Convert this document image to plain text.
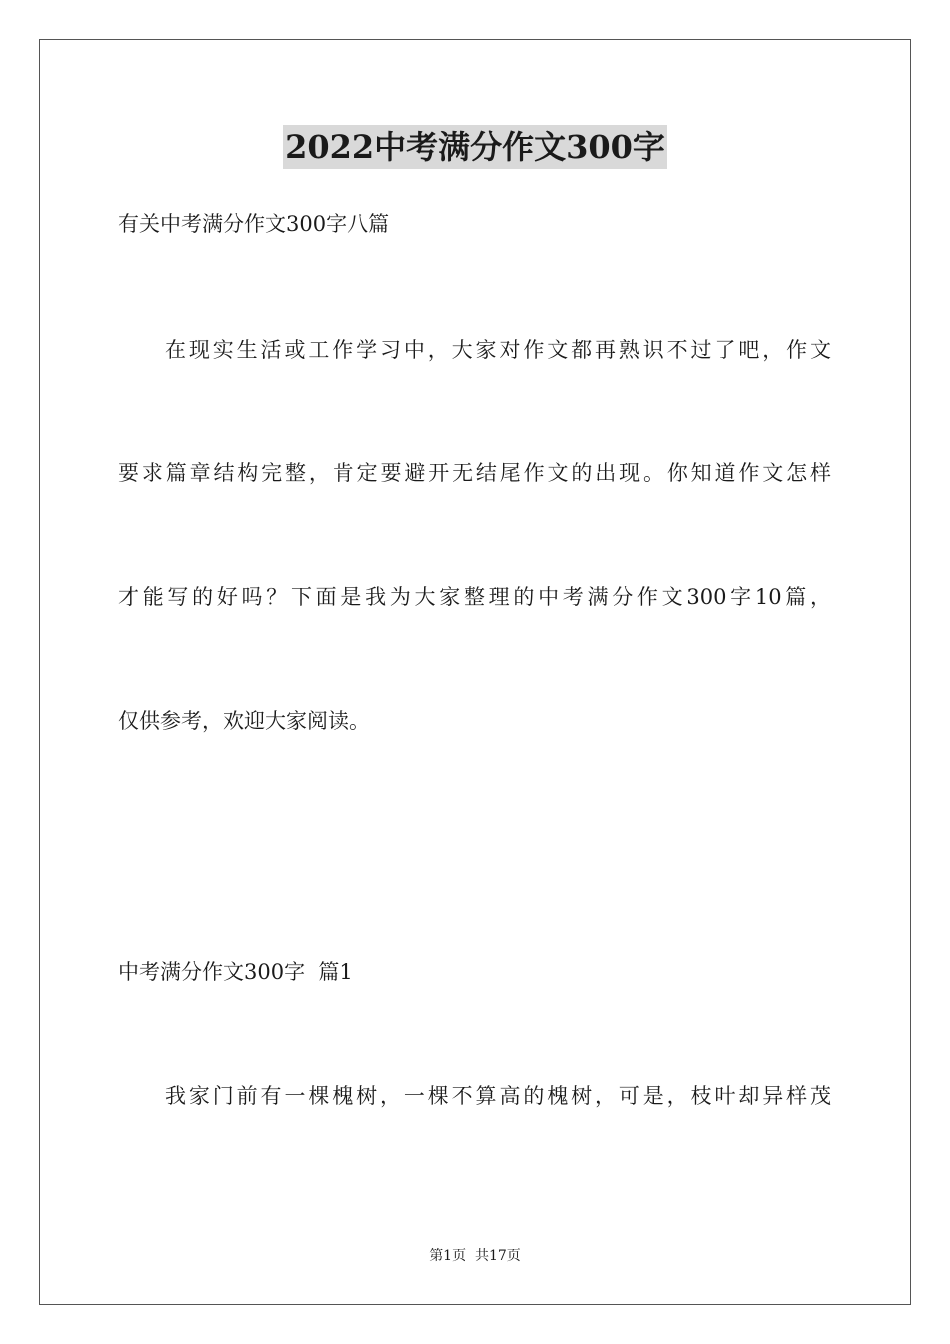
2022中考满分作文300字
有关中考满分作文300字八篇
在现实生活或工作学习中，大家对作文都再熟识不过了吧，作文
要求篇章结构完整，肯定要避开无结尾作文的出现。你知道作文怎样
才能写的好吗？下面是我为大家整理的中考满分作文300字10篇，
仅供参考，欢迎大家阅读。
中考满分作文300字  篇1
我家门前有一棵槐树，一棵不算高的槐树，可是，枝叶却异样茂
第1页  共17页
